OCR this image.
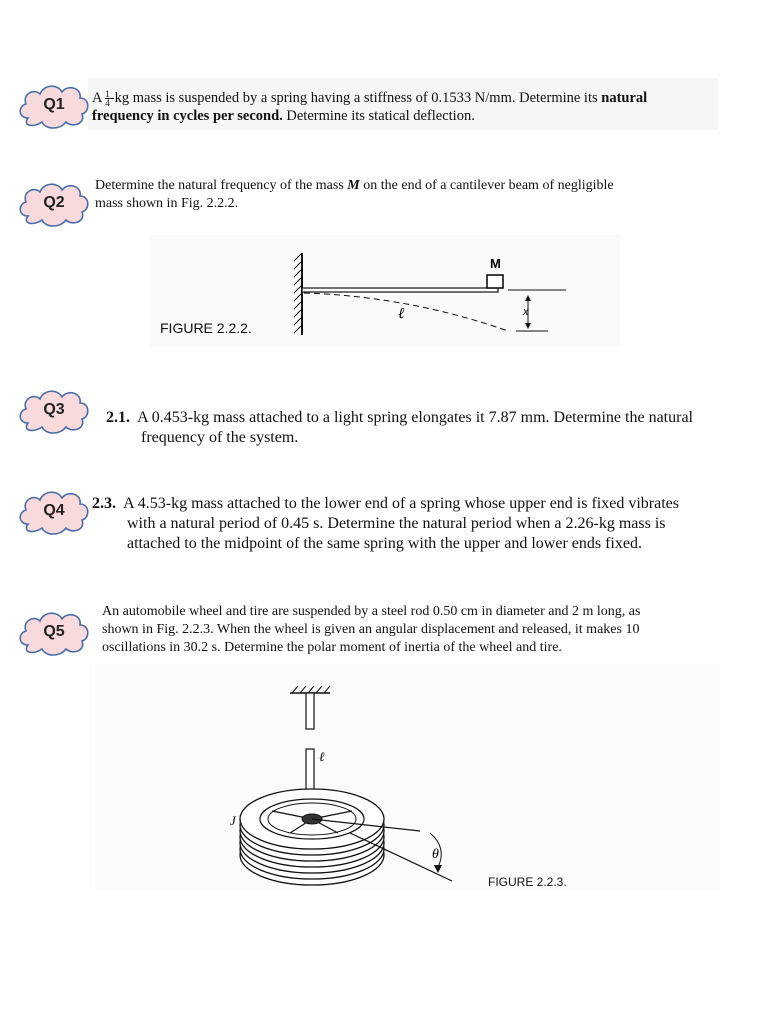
Q1	A $\frac{1}{4} -kg$ mass is suspended by a spring having a stiffness of 0.1533 N/mm. Determine its natural
frequency in cycles per second. Determine its statical deflection.
Q2
Determine the natural frequency of the mass M on the end of a cantilever beam of negligible
mass shown in Fig. 2.2.2.
M
ℓ	x
FIGURE 2.2.2.
Q3	2.1. A 0.453-kg mass attached to a light spring elongates it 7.87 mm. Determine the natural
frequency of the system.
Q4	2.3. A 4.53-kg mass attached to the lower end of a spring whose upper end is fixed vibrates
with a natural period of 0.45 s. Determine the natural period when a 2.26-kg mass is
attached to the midpoint of the same spring with the upper and lower ends fixed.
Q5
An automobile wheel and tire are suspended by a steel rod 0.50 cm in diameter and 2 m long, as
shown in Fig. 2.2.3. When the wheel is given an angular displacement and released, it makes 10
oscillations in 30.2 s. Determine the polar moment of inertia of the wheel and tire.
ℓ
θ
J
FIGURE 2.2.3.
